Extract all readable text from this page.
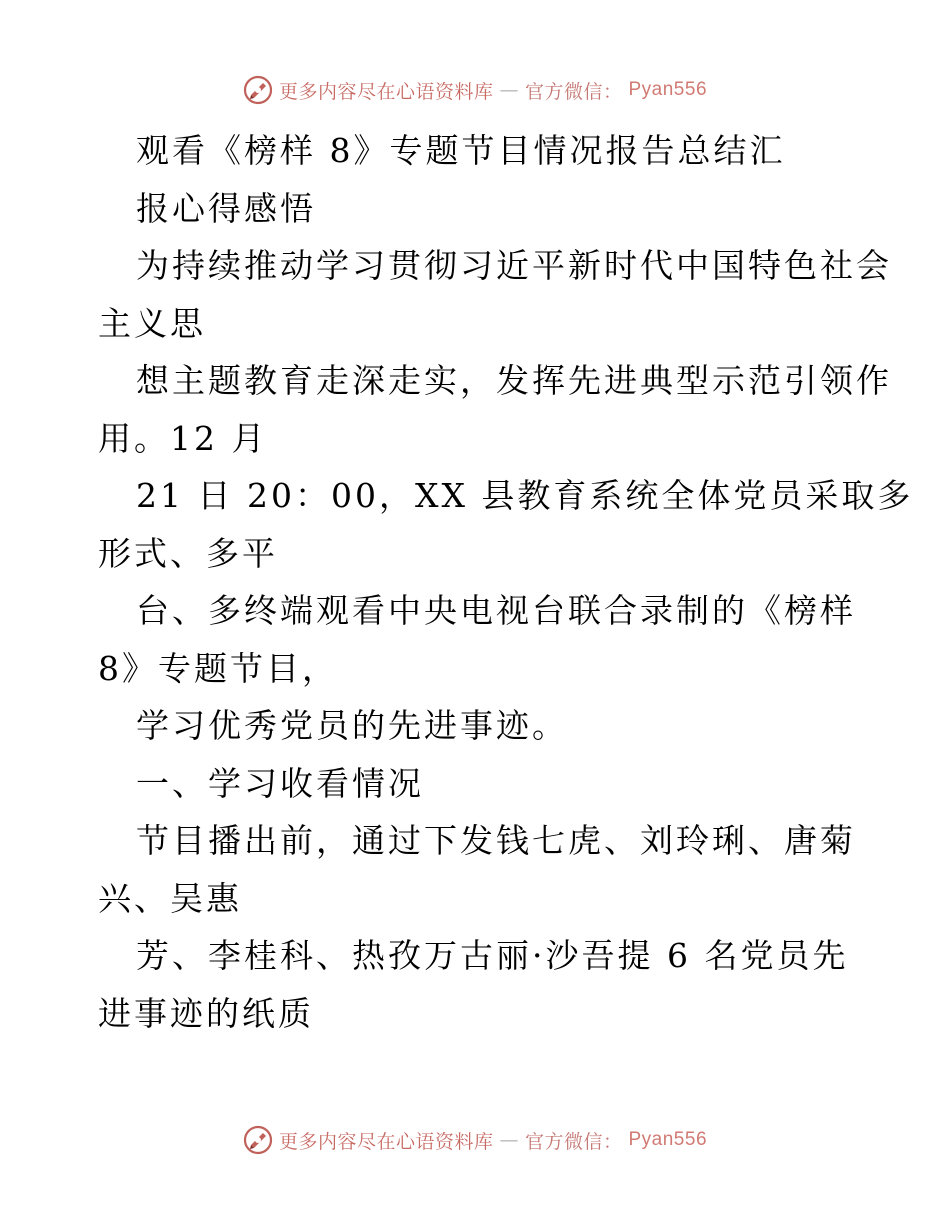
更多内容尽在心语资料库 — 官方微信： Pyan556
观看《榜样 8》专题节目情况报告总结汇
报心得感悟
为持续推动学习贯彻习近平新时代中国特色社会
主义思
想主题教育走深走实，发挥先进典型示范引领作
用。12 月
21 日 20：00，XX 县教育系统全体党员采取多
形式、多平
台、多终端观看中央电视台联合录制的《榜样
8》专题节目，
学习优秀党员的先进事迹。
一、学习收看情况
节目播出前，通过下发钱七虎、刘玲琍、唐菊
兴、吴惠
芳、李桂科、热孜万古丽·沙吾提 6 名党员先
进事迹的纸质
更多内容尽在心语资料库 — 官方微信： Pyan556
